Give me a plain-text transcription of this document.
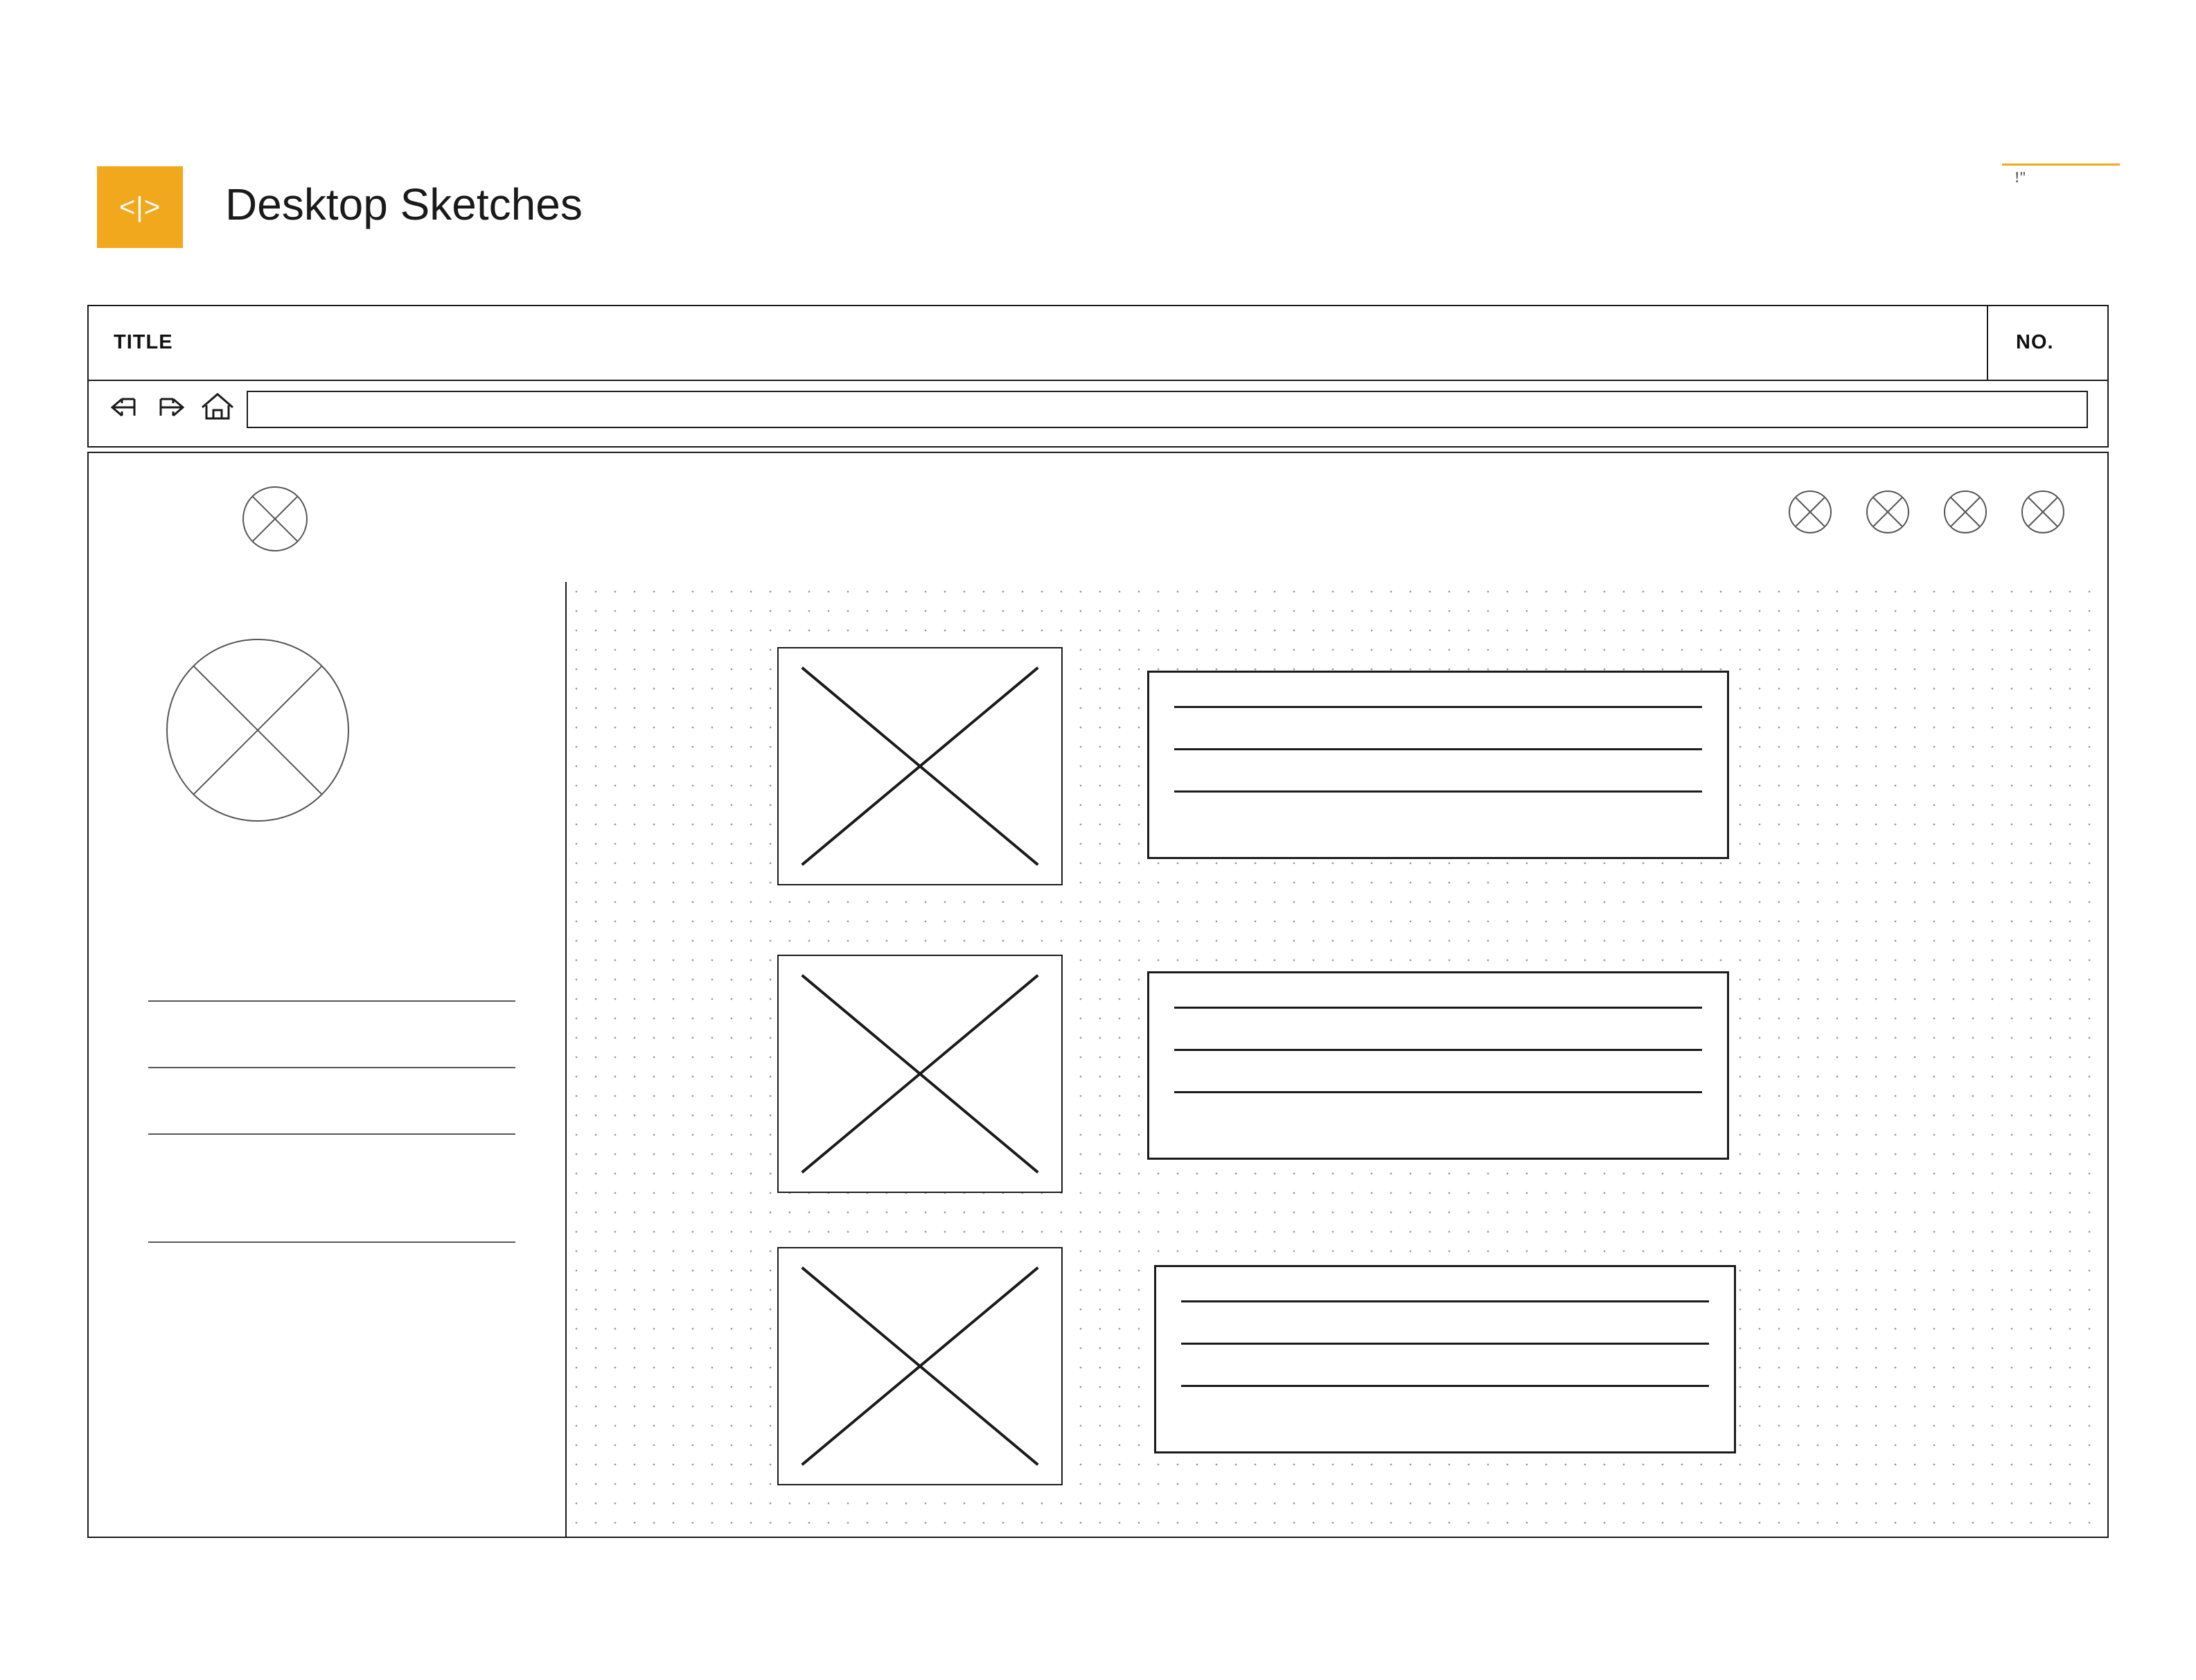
<|> Desktop Sketches
!"
TITLE	NO.
